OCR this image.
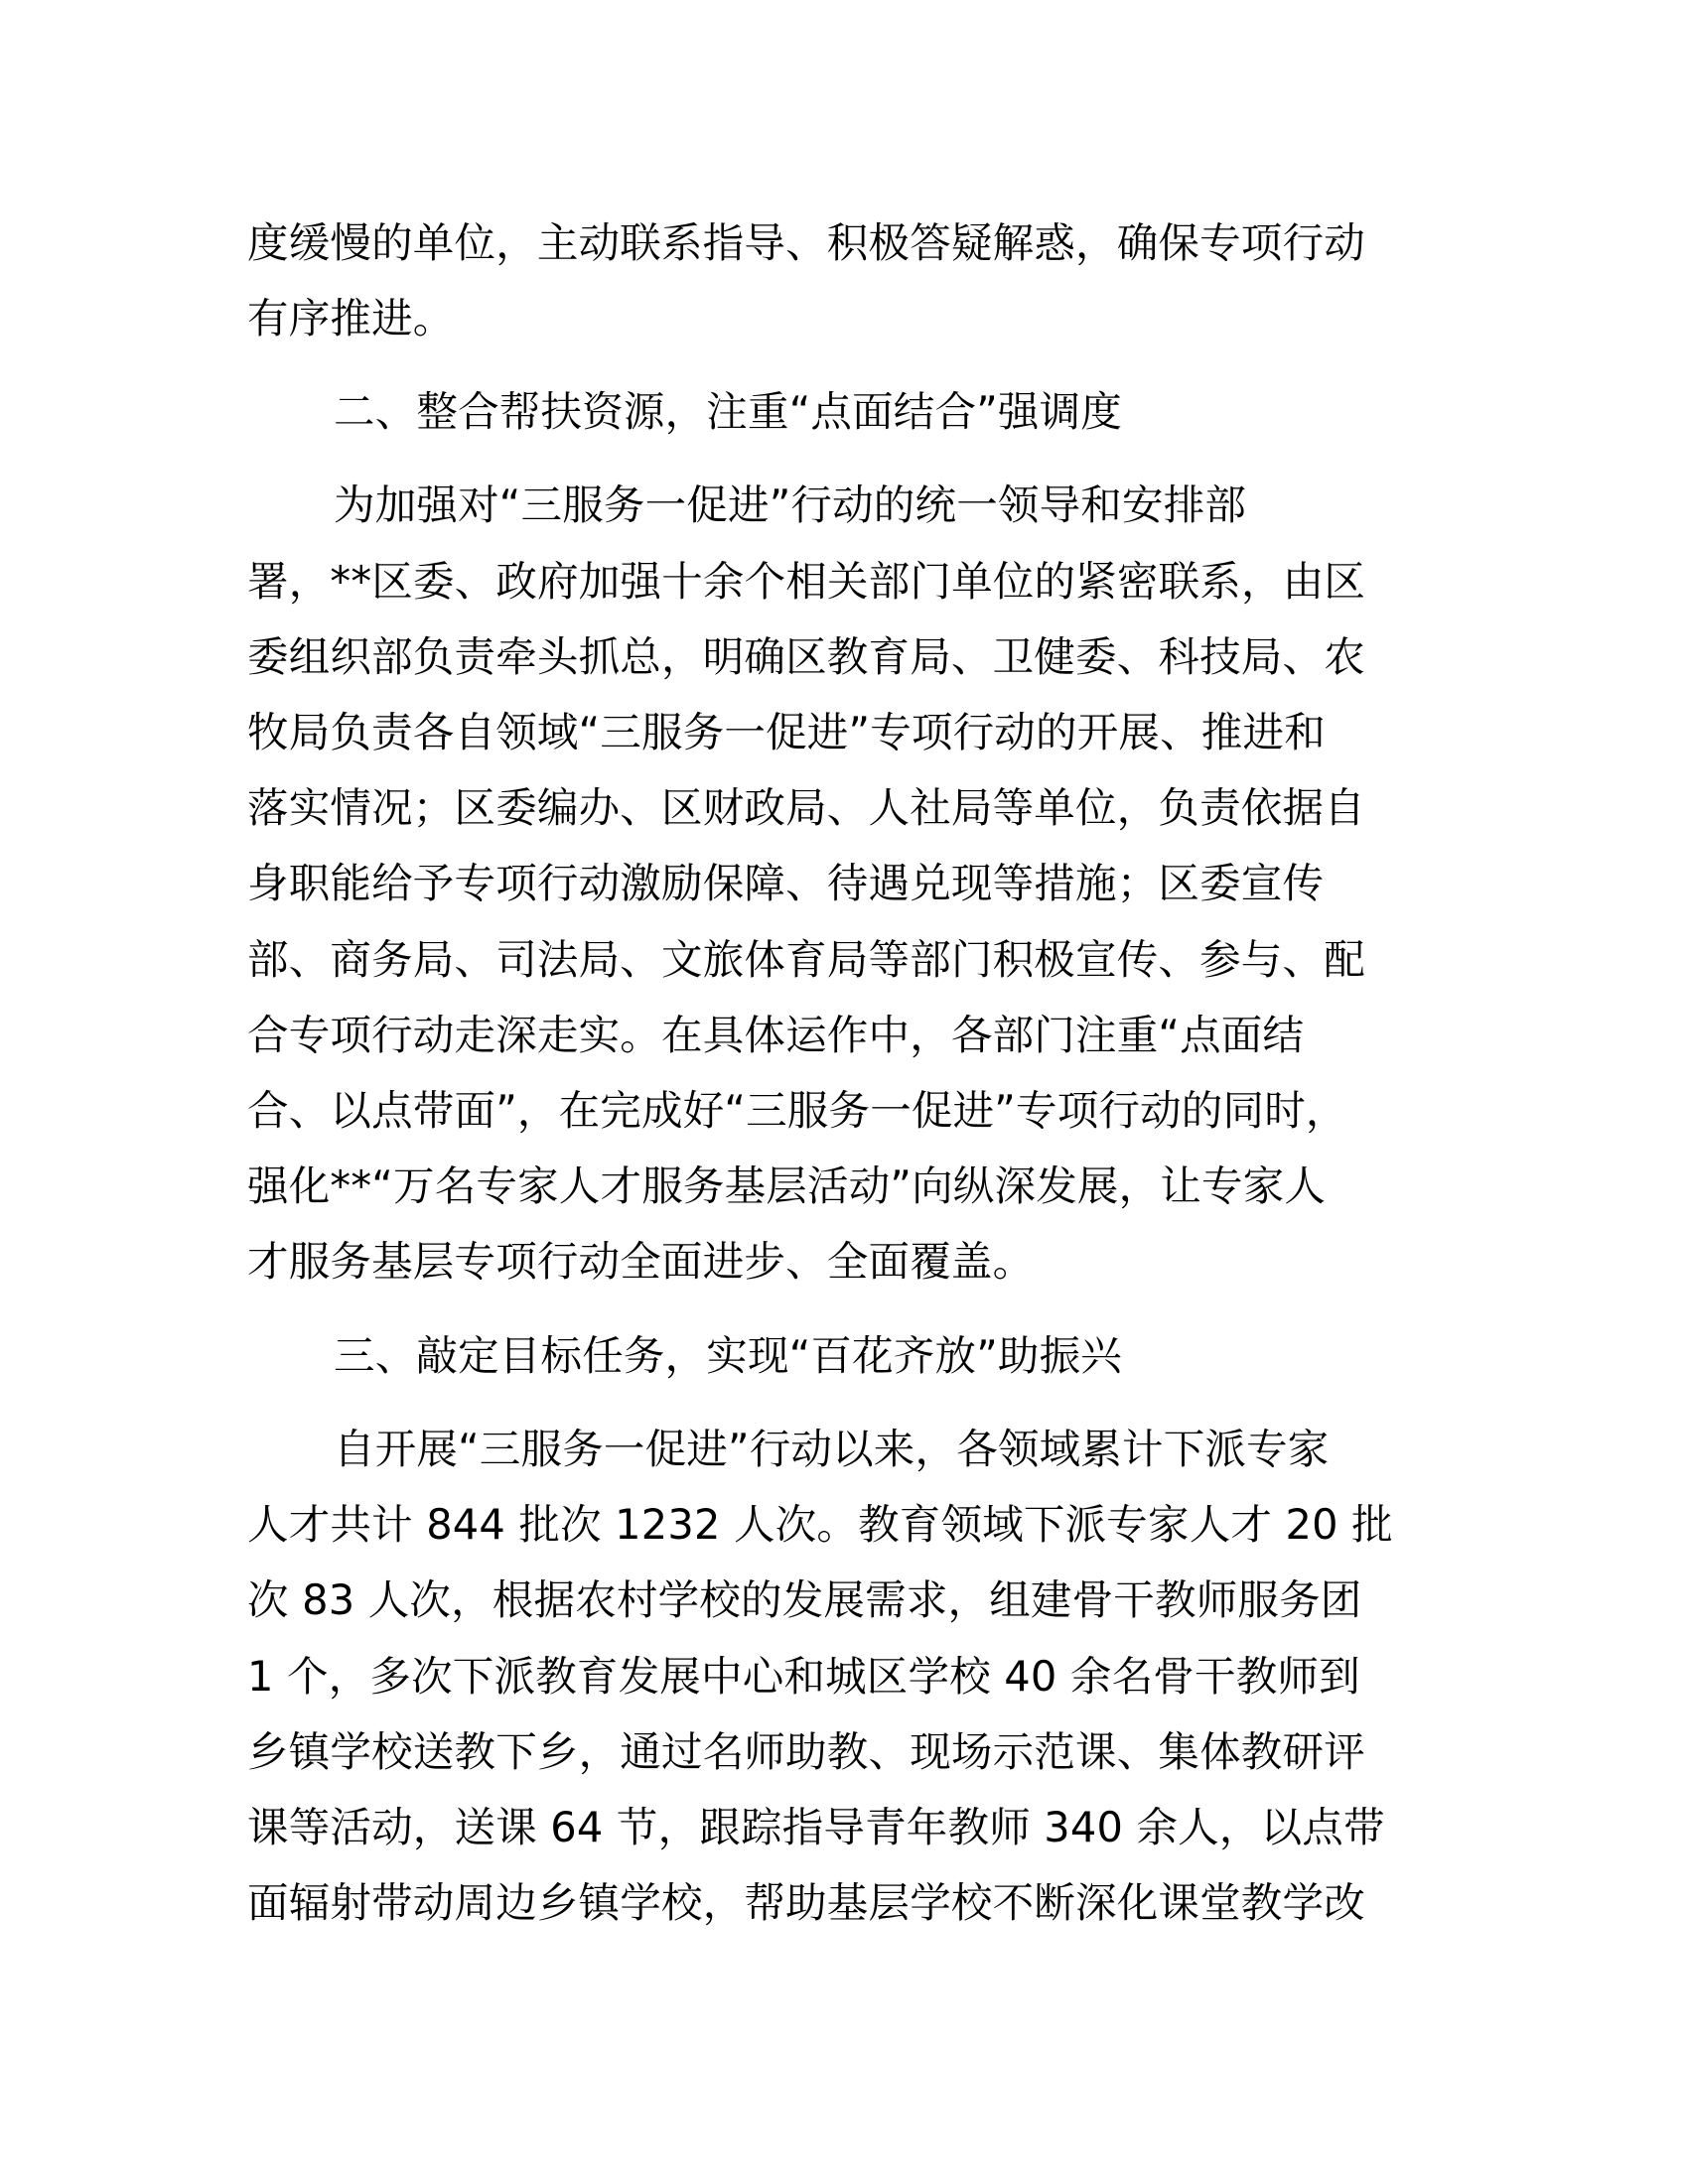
度缓慢的单位，主动联系指导、积极答疑解惑，确保专项行动
有序推进。
二、整合帮扶资源，注重“点面结合”强调度
为加强对“三服务一促进”行动的统一领导和安排部
署，**区委、政府加强十余个相关部门单位的紧密联系，由区
委组织部负责牵头抓总，明确区教育局、卫健委、科技局、农
牧局负责各自领域“三服务一促进”专项行动的开展、推进和
落实情况；区委编办、区财政局、人社局等单位，负责依据自
身职能给予专项行动激励保障、待遇兑现等措施；区委宣传
部、商务局、司法局、文旅体育局等部门积极宣传、参与、配
合专项行动走深走实。在具体运作中，各部门注重“点面结
合、以点带面”，在完成好“三服务一促进”专项行动的同时，
强化**“万名专家人才服务基层活动”向纵深发展，让专家人
才服务基层专项行动全面进步、全面覆盖。
三、敲定目标任务，实现“百花齐放”助振兴
自开展“三服务一促进”行动以来，各领域累计下派专家
人才共计 844 批次 1232 人次。教育领域下派专家人才 20 批
次 83 人次，根据农村学校的发展需求，组建骨干教师服务团
1 个，多次下派教育发展中心和城区学校 40 余名骨干教师到
乡镇学校送教下乡，通过名师助教、现场示范课、集体教研评
课等活动，送课 64 节，跟踪指导青年教师 340 余人，以点带
面辐射带动周边乡镇学校，帮助基层学校不断深化课堂教学改
